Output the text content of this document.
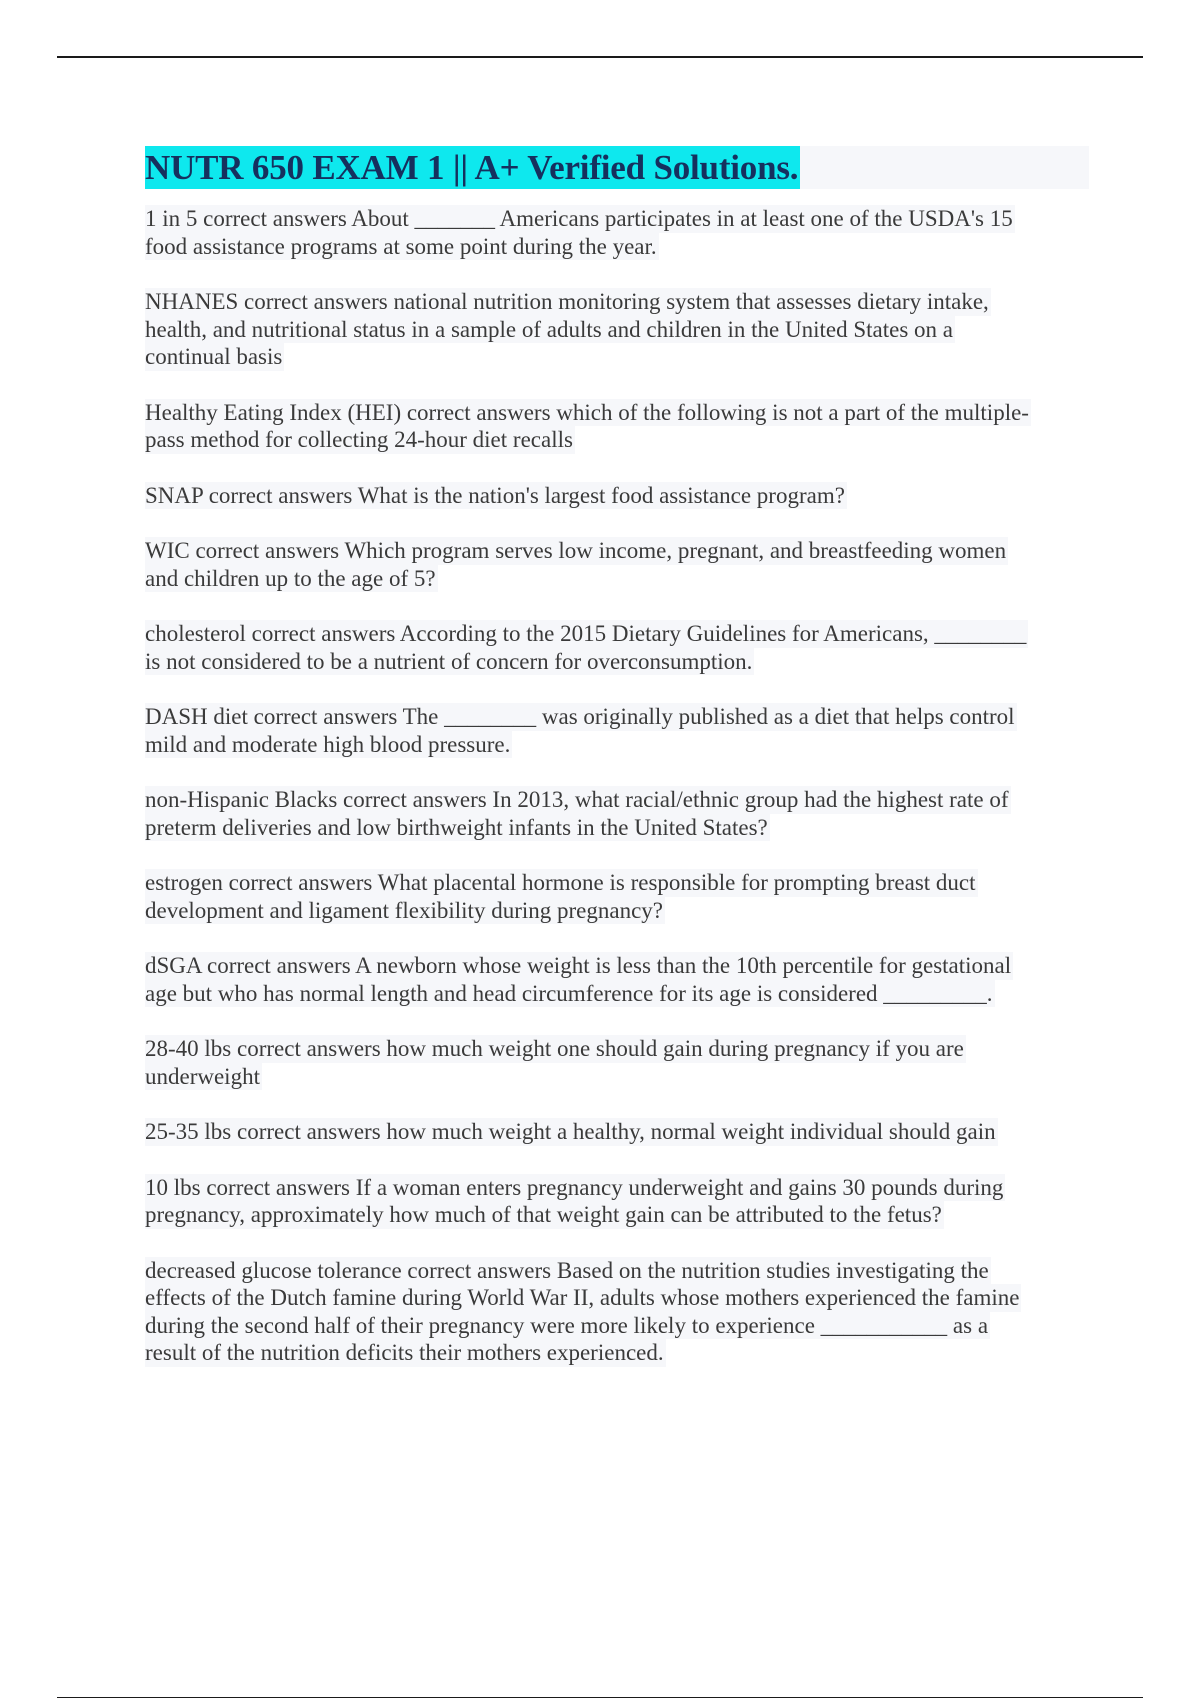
NUTR 650 EXAM 1 || A+ Verified Solutions.
1 in 5 correct answers About _______ Americans participates in at least one of the USDA's 15
food assistance programs at some point during the year.
NHANES correct answers national nutrition monitoring system that assesses dietary intake,
health, and nutritional status in a sample of adults and children in the United States on a
continual basis
Healthy Eating Index (HEI) correct answers which of the following is not a part of the multiple-
pass method for collecting 24-hour diet recalls
SNAP correct answers What is the nation's largest food assistance program?
WIC correct answers Which program serves low income, pregnant, and breastfeeding women
and children up to the age of 5?
cholesterol correct answers According to the 2015 Dietary Guidelines for Americans, ________
is not considered to be a nutrient of concern for overconsumption.
DASH diet correct answers The ________ was originally published as a diet that helps control
mild and moderate high blood pressure.
non-Hispanic Blacks correct answers In 2013, what racial/ethnic group had the highest rate of
preterm deliveries and low birthweight infants in the United States?
estrogen correct answers What placental hormone is responsible for prompting breast duct
development and ligament flexibility during pregnancy?
dSGA correct answers A newborn whose weight is less than the 10th percentile for gestational
age but who has normal length and head circumference for its age is considered _________.
28-40 lbs correct answers how much weight one should gain during pregnancy if you are
underweight
25-35 lbs correct answers how much weight a healthy, normal weight individual should gain
10 lbs correct answers If a woman enters pregnancy underweight and gains 30 pounds during
pregnancy, approximately how much of that weight gain can be attributed to the fetus?
decreased glucose tolerance correct answers Based on the nutrition studies investigating the
effects of the Dutch famine during World War II, adults whose mothers experienced the famine
during the second half of their pregnancy were more likely to experience ___________ as a
result of the nutrition deficits their mothers experienced.
